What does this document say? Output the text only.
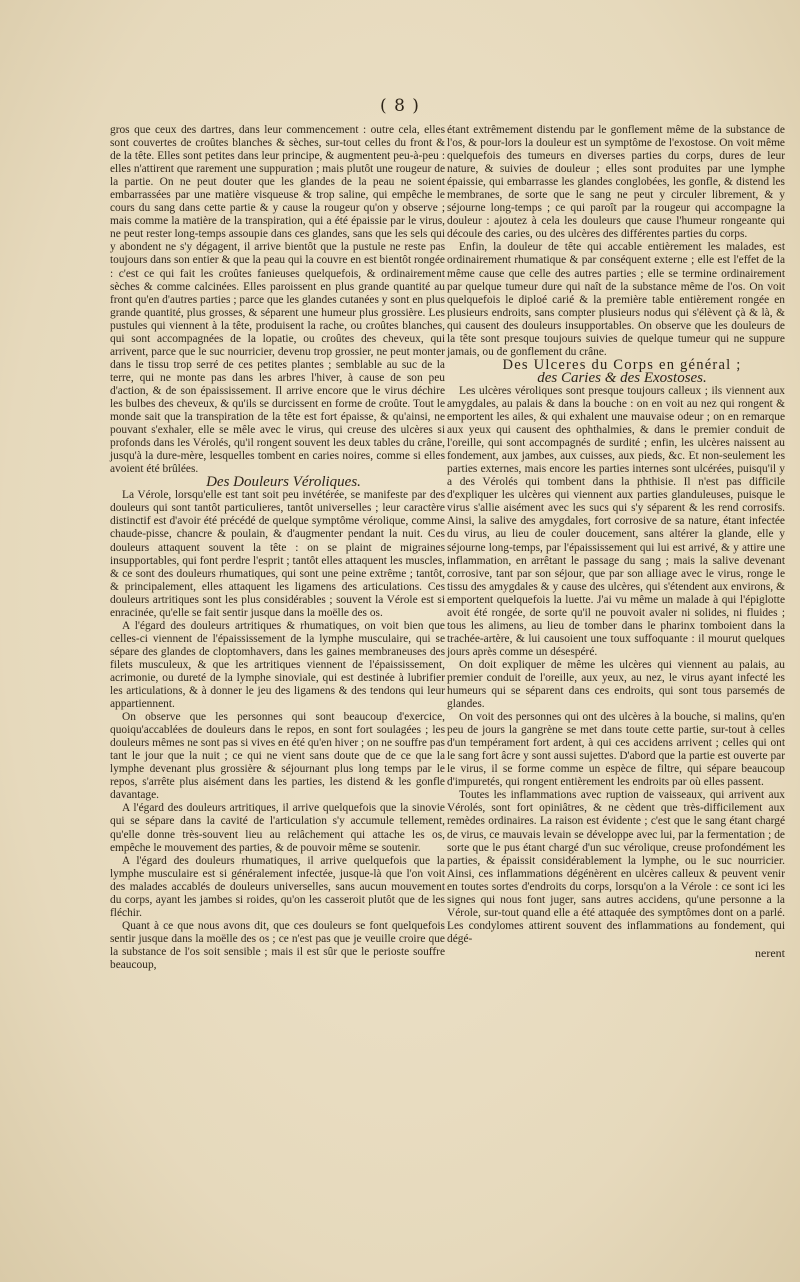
( 8 )

gros que ceux des dartres, dans leur commencement : outre cela, elles sont couvertes de croûtes blanches & sèches, sur-tout celles du front & de la tête. Elles sont petites dans leur principe, & augmentent peu-à-peu : elles n'attirent que rarement une suppuration ; mais plutôt une rougeur de la partie. On ne peut douter que les glandes de la peau ne soient embarrassées par une matière visqueuse & trop saline, qui empêche le cours du sang dans cette partie & y cause la rougeur qu'on y observe ; mais comme la matière de la transpiration, qui a été épaissie par le virus, ne peut rester long-temps assoupie dans ces glandes, sans que les sels qui y abondent ne s'y dégagent, il arrive bientôt que la pustule ne reste pas toujours dans son entier & que la peau qui la couvre en est bientôt rongée : c'est ce qui fait les croûtes fanieuses quelquefois, & ordinairement sèches & comme calcinées. Elles paroissent en plus grande quantité au front qu'en d'autres parties ; parce que les glandes cutanées y sont en plus grande quantité, plus grosses, & séparent une humeur plus grossière. Les pustules qui viennent à la tête, produisent la rache, ou croûtes blanches, qui sont accompagnées de la lopatie, ou croûtes des cheveux, qui arrivent, parce que le suc nourricier, devenu trop grossier, ne peut monter dans le tissu trop serré de ces petites plantes ; semblable au suc de la terre, qui ne monte pas dans les arbres l'hiver, à cause de son peu d'action, & de son épaississement. Il arrive encore que le virus déchire les bulbes des cheveux, & qu'ils se durcissent en forme de croûte. Tout le monde sait que la transpiration de la tête est fort épaisse, & qu'ainsi, ne pouvant s'exhaler, elle se mêle avec le virus, qui creuse des ulcères si profonds dans les Vérolés, qu'il rongent souvent les deux tables du crâne, jusqu'à la dure-mère, lesquelles tombent en caries noires, comme si elles avoient été brûlées.

Des Douleurs Véroliques.

La Vérole, lorsqu'elle est tant soit peu invétérée, se manifeste par des douleurs qui sont tantôt particulieres, tantôt universelles ; leur caractère distinctif est d'avoir été précédé de quelque symptôme vérolique, comme chaude-pisse, chancre & poulain, & d'augmenter pendant la nuit. Ces douleurs attaquent souvent la tête : on se plaint de migraines insupportables, qui font perdre l'esprit ; tantôt elles attaquent les muscles, & ce sont des douleurs rhumatiques, qui sont une peine extrême ; tantôt, & principalement, elles attaquent les ligamens des articulations. Ces douleurs artritiques sont les plus considérables ; souvent la Vérole est si enracinée, qu'elle se fait sentir jusque dans la moëlle des os.

A l'égard des douleurs artritiques & rhumatiques, on voit bien que celles-ci viennent de l'épaississement de la lymphe musculaire, qui se sépare des glandes de cloptomhavers, dans les gaines membraneuses des filets musculeux, & que les artritiques viennent de l'épaississement, acrimonie, ou dureté de la lymphe sinoviale, qui est destinée à lubrifier les articulations, & à donner le jeu des ligamens & des tendons qui leur appartiennent.

On observe que les personnes qui sont beaucoup d'exercice, quoiqu'accablées de douleurs dans le repos, en sont fort soulagées ; les douleurs mêmes ne sont pas si vives en été qu'en hiver ; on ne souffre pas tant le jour que la nuit ; ce qui ne vient sans doute que de ce que la lymphe devenant plus grossière & séjournant plus long temps par le repos, s'arrête plus aisément dans les parties, les distend & les gonfle davantage.

A l'égard des douleurs artritiques, il arrive quelquefois que la sinovie qui se sépare dans la cavité de l'articulation s'y accumule tellement, qu'elle donne très-souvent lieu au relâchement qui attache les os, empêche le mouvement des parties, & de pouvoir même se soutenir.

A l'égard des douleurs rhumatiques, il arrive quelquefois que la lymphe musculaire est si généralement infectée, jusque-là que l'on voit des malades accablés de douleurs universelles, sans aucun mouvement du corps, ayant les jambes si roides, qu'on les casseroit plutôt que de les fléchir.

Quant à ce que nous avons dit, que ces douleurs se font quelquefois sentir jusque dans la moëlle des os ; ce n'est pas que je veuille croire que la substance de l'os soit sensible ; mais il est sûr que le perioste souffre beaucoup,

étant extrêmement distendu par le gonflement même de la substance de l'os, & pour-lors la douleur est un symptôme de l'exostose. On voit même quelquefois des tumeurs en diverses parties du corps, dures de leur nature, & suivies de douleur ; elles sont produites par une lymphe épaissie, qui embarrasse les glandes conglobées, les gonfle, & distend les membranes, de sorte que le sang ne peut y circuler librement, & y séjourne long-temps ; ce qui paroît par la rougeur qui accompagne la douleur : ajoutez à cela les douleurs que cause l'humeur rongeante qui découle des caries, ou des ulcères des différentes parties du corps.

Enfin, la douleur de tête qui accable entièrement les malades, est ordinairement rhumatique & par conséquent externe ; elle est l'effet de la même cause que celle des autres parties ; elle se termine ordinairement par quelque tumeur dure qui naît de la substance même de l'os. On voit quelquefois le diploé carié & la première table entièrement rongée en plusieurs endroits, sans compter plusieurs nodus qui s'élèvent çà & là, & qui causent des douleurs insupportables. On observe que les douleurs de la tête sont presque toujours suivies de quelque tumeur qui ne suppure jamais, ou de gonflement du crâne.

Des Ulceres du Corps en général ;

des Caries & des Exostoses.

Les ulcères véroliques sont presque toujours calleux ; ils viennent aux amygdales, au palais & dans la bouche : on en voit au nez qui rongent & emportent les ailes, & qui exhalent une mauvaise odeur ; on en remarque aux yeux qui causent des ophthalmies, & dans le premier conduit de l'oreille, qui sont accompagnés de surdité ; enfin, les ulcères naissent au fondement, aux jambes, aux cuisses, aux pieds, &c. Et non-seulement les parties externes, mais encore les parties internes sont ulcérées, puisqu'il y a des Vérolés qui tombent dans la phthisie. Il n'est pas difficile d'expliquer les ulcères qui viennent aux parties glanduleuses, puisque le virus s'allie aisément avec les sucs qui s'y séparent & les rend corrosifs. Ainsi, la salive des amygdales, fort corrosive de sa nature, étant infectée du virus, au lieu de couler doucement, sans altérer la glande, elle y séjourne long-temps, par l'épaississement qui lui est arrivé, & y attire une inflammation, en arrêtant le passage du sang ; mais la salive devenant corrosive, tant par son séjour, que par son alliage avec le virus, ronge le tissu des amygdales & y cause des ulcères, qui s'étendent aux environs, & emportent quelquefois la luette. J'ai vu même un malade à qui l'épiglotte avoit été rongée, de sorte qu'il ne pouvoit avaler ni solides, ni fluides ; tous les alimens, au lieu de tomber dans le pharinx tomboient dans la trachée-artère, & lui causoient une toux suffoquante : il mourut quelques jours après comme un désespéré.

On doit expliquer de même les ulcères qui viennent au palais, au premier conduit de l'oreille, aux yeux, au nez, le virus ayant infecté les humeurs qui se séparent dans ces endroits, qui sont tous parsemés de glandes.

On voit des personnes qui ont des ulcères à la bouche, si malins, qu'en peu de jours la gangrène se met dans toute cette partie, sur-tout à celles d'un tempérament fort ardent, à qui ces accidens arrivent ; celles qui ont le sang fort âcre y sont aussi sujettes. D'abord que la partie est ouverte par le virus, il se forme comme un espèce de filtre, qui sépare beaucoup d'impuretés, qui rongent entièrement les endroits par où elles passent.

Toutes les inflammations avec ruption de vaisseaux, qui arrivent aux Vérolés, sont fort opiniâtres, & ne cèdent que très-difficilement aux remèdes ordinaires. La raison est évidente ; c'est que le sang étant chargé de virus, ce mauvais levain se développe avec lui, par la fermentation ; de sorte que le pus étant chargé d'un suc vérolique, creuse profondément les parties, & épaissit considérablement la lymphe, ou le suc nourricier. Ainsi, ces inflammations dégénèrent en ulcères calleux & peuvent venir en toutes sortes d'endroits du corps, lorsqu'on a la Vérole : ce sont ici les signes qui nous font juger, sans autres accidens, qu'une personne a la Vérole, sur-tout quand elle a été attaquée des symptômes dont on a parlé. Les condylomes attirent souvent des inflammations au fondement, qui dégé-

nerent
